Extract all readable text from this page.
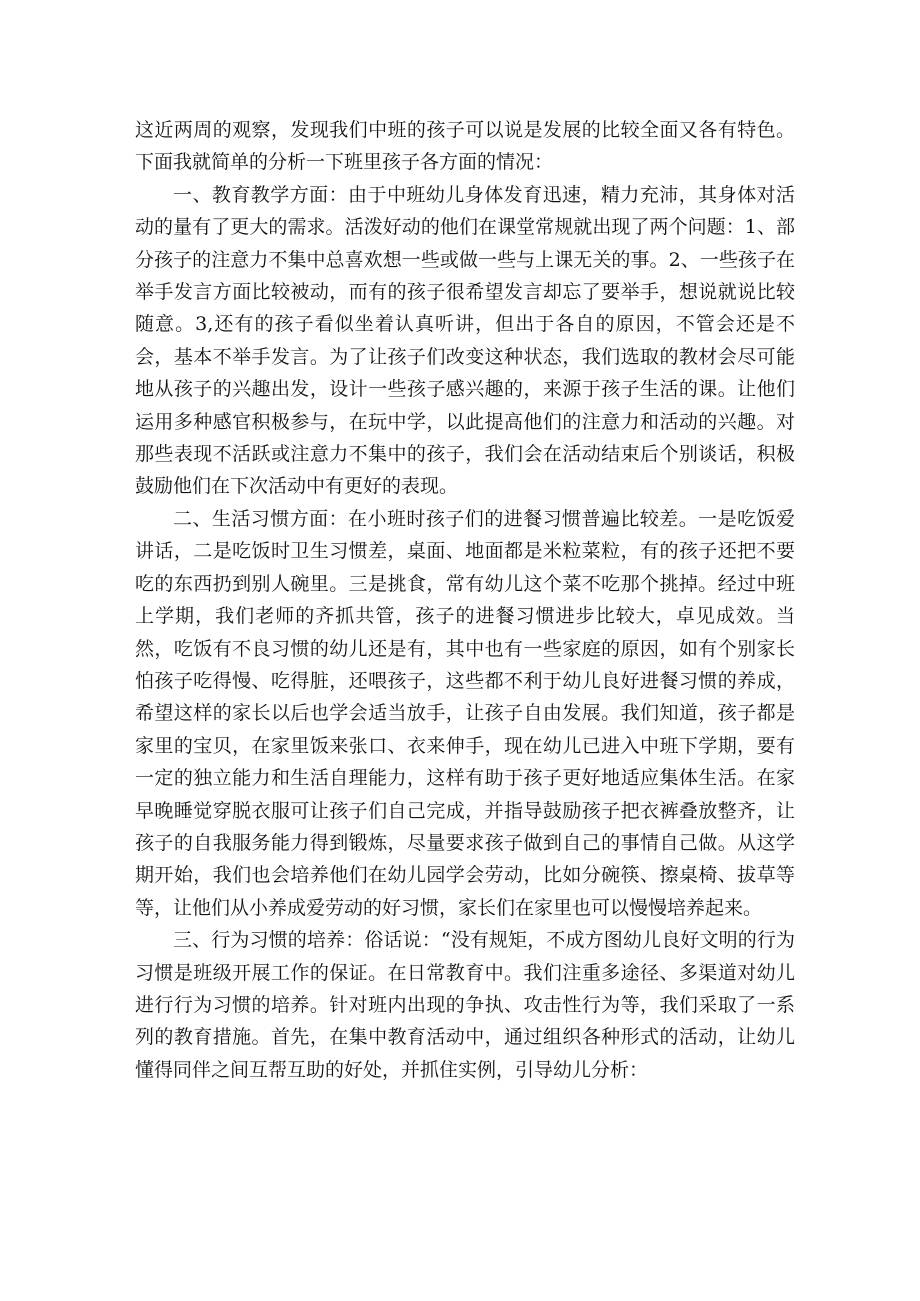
这近两周的观察，发现我们中班的孩子可以说是发展的比较全面又各有特色。下面我就简单的分析一下班里孩子各方面的情况：

一、教育教学方面：由于中班幼儿身体发育迅速，精力充沛，其身体对活动的量有了更大的需求。活泼好动的他们在课堂常规就出现了两个问题：1、部分孩子的注意力不集中总喜欢想一些或做一些与上课无关的事。2、一些孩子在举手发言方面比较被动，而有的孩子很希望发言却忘了要举手，想说就说比较随意。3,还有的孩子看似坐着认真听讲，但出于各自的原因，不管会还是不会，基本不举手发言。为了让孩子们改变这种状态，我们选取的教材会尽可能地从孩子的兴趣出发，设计一些孩子感兴趣的，来源于孩子生活的课。让他们运用多种感官积极参与，在玩中学，以此提高他们的注意力和活动的兴趣。对那些表现不活跃或注意力不集中的孩子，我们会在活动结束后个别谈话，积极鼓励他们在下次活动中有更好的表现。

二、生活习惯方面：在小班时孩子们的进餐习惯普遍比较差。一是吃饭爱讲话，二是吃饭时卫生习惯差，桌面、地面都是米粒菜粒，有的孩子还把不要吃的东西扔到别人碗里。三是挑食，常有幼儿这个菜不吃那个挑掉。经过中班上学期，我们老师的齐抓共管，孩子的进餐习惯进步比较大，卓见成效。当然，吃饭有不良习惯的幼儿还是有，其中也有一些家庭的原因，如有个别家长怕孩子吃得慢、吃得脏，还喂孩子，这些都不利于幼儿良好进餐习惯的养成，希望这样的家长以后也学会适当放手，让孩子自由发展。我们知道，孩子都是家里的宝贝，在家里饭来张口、衣来伸手，现在幼儿已进入中班下学期，要有一定的独立能力和生活自理能力，这样有助于孩子更好地适应集体生活。在家早晚睡觉穿脱衣服可让孩子们自己完成，并指导鼓励孩子把衣裤叠放整齐，让孩子的自我服务能力得到锻炼，尽量要求孩子做到自己的事情自己做。从这学期开始，我们也会培养他们在幼儿园学会劳动，比如分碗筷、擦桌椅、拔草等等，让他们从小养成爱劳动的好习惯，家长们在家里也可以慢慢培养起来。

三、行为习惯的培养：俗话说：“没有规矩，不成方图幼儿良好文明的行为习惯是班级开展工作的保证。在日常教育中。我们注重多途径、多渠道对幼儿进行行为习惯的培养。针对班内出现的争执、攻击性行为等，我们采取了一系列的教育措施。首先，在集中教育活动中，通过组织各种形式的活动，让幼儿懂得同伴之间互帮互助的好处，并抓住实例，引导幼儿分析：
